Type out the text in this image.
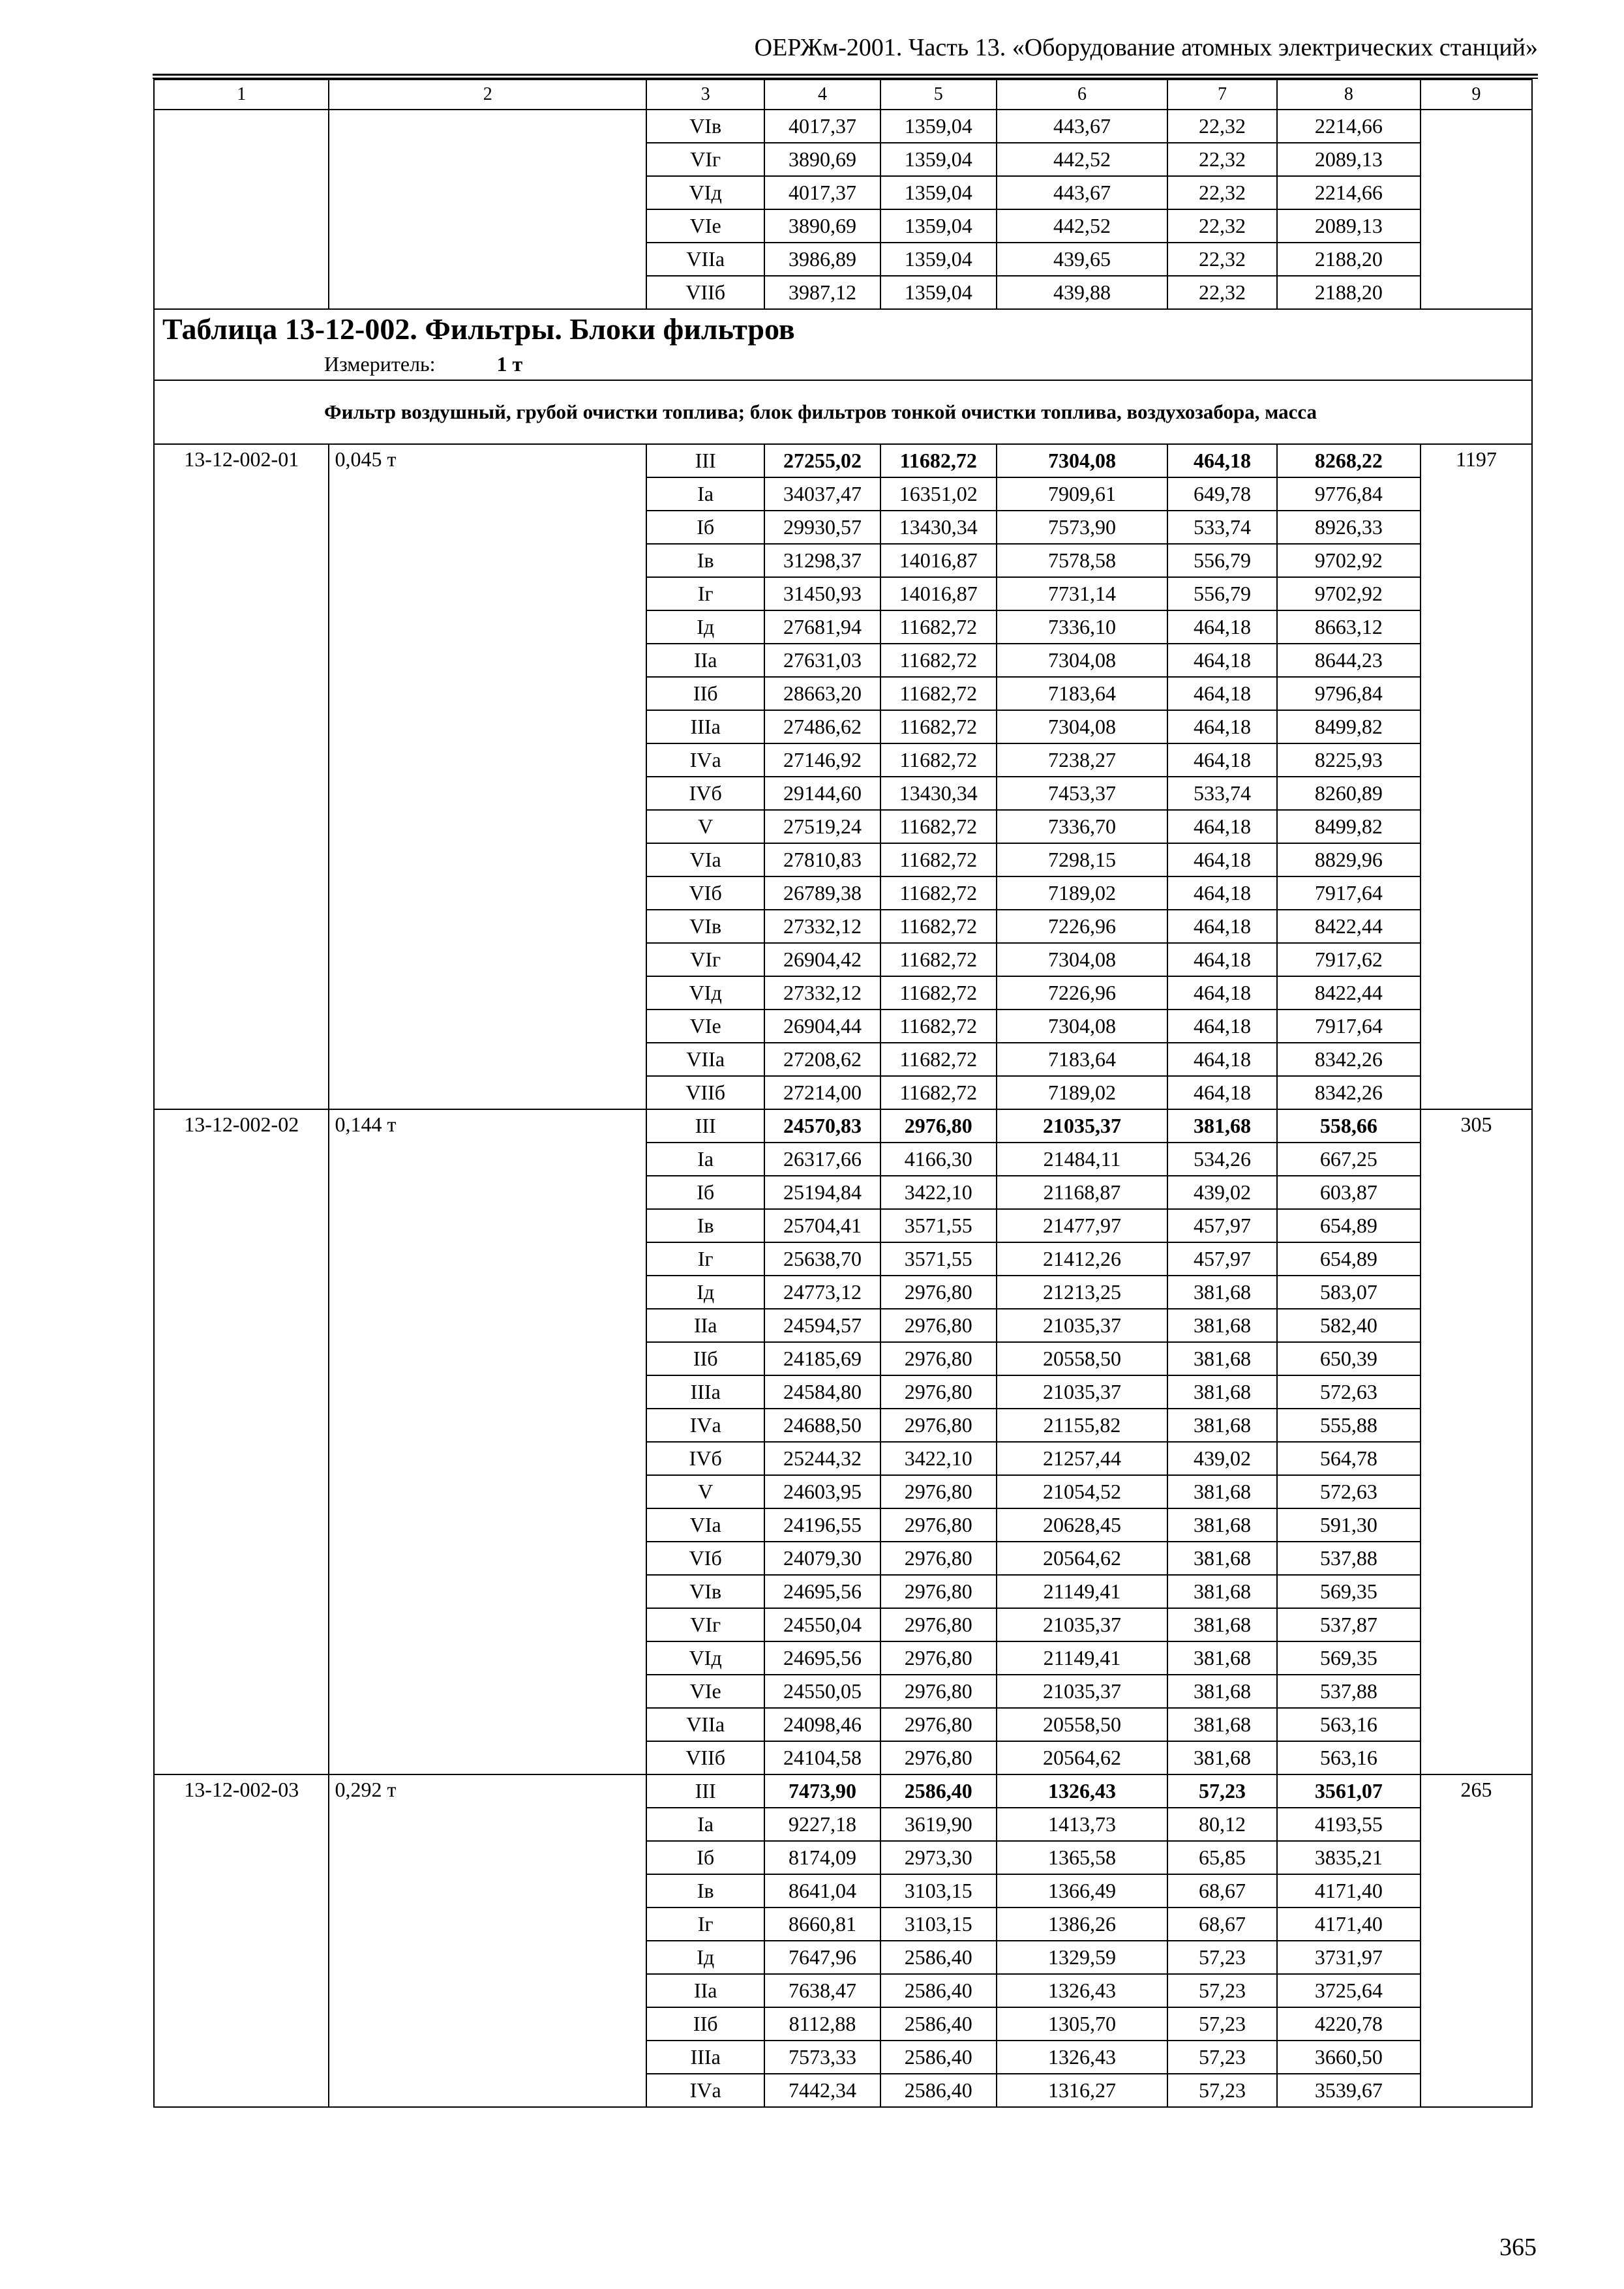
ОЕРЖм-2001. Часть 13. «Оборудование атомных электрических станций»
1	2	3	4	5	6	7	8	9
		VIв	4017,37	1359,04	443,67	22,32	2214,66	
		VIг	3890,69	1359,04	442,52	22,32	2089,13	
		VIд	4017,37	1359,04	443,67	22,32	2214,66	
		VIе	3890,69	1359,04	442,52	22,32	2089,13	
		VIIа	3986,89	1359,04	439,65	22,32	2188,20	
		VIIб	3987,12	1359,04	439,88	22,32	2188,20	
Таблица 13-12-002. Фильтры. Блоки фильтров								
Измеритель: 1 т								
Фильтр воздушный, грубой очистки топлива; блок фильтров тонкой очистки топлива, воздухозабора, масса								
13-12-002-01	0,045 т	III	27255,02	11682,72	7304,08	464,18	8268,22	1197
		Iа	34037,47	16351,02	7909,61	649,78	9776,84	
		Iб	29930,57	13430,34	7573,90	533,74	8926,33	
		Iв	31298,37	14016,87	7578,58	556,79	9702,92	
		Iг	31450,93	14016,87	7731,14	556,79	9702,92	
		Iд	27681,94	11682,72	7336,10	464,18	8663,12	
		IIа	27631,03	11682,72	7304,08	464,18	8644,23	
		IIб	28663,20	11682,72	7183,64	464,18	9796,84	
		IIIа	27486,62	11682,72	7304,08	464,18	8499,82	
		IVа	27146,92	11682,72	7238,27	464,18	8225,93	
		IVб	29144,60	13430,34	7453,37	533,74	8260,89	
		V	27519,24	11682,72	7336,70	464,18	8499,82	
		VIа	27810,83	11682,72	7298,15	464,18	8829,96	
		VIб	26789,38	11682,72	7189,02	464,18	7917,64	
		VIв	27332,12	11682,72	7226,96	464,18	8422,44	
		VIг	26904,42	11682,72	7304,08	464,18	7917,62	
		VIд	27332,12	11682,72	7226,96	464,18	8422,44	
		VIе	26904,44	11682,72	7304,08	464,18	7917,64	
		VIIа	27208,62	11682,72	7183,64	464,18	8342,26	
		VIIб	27214,00	11682,72	7189,02	464,18	8342,26	
13-12-002-02	0,144 т	III	24570,83	2976,80	21035,37	381,68	558,66	305
		Iа	26317,66	4166,30	21484,11	534,26	667,25	
		Iб	25194,84	3422,10	21168,87	439,02	603,87	
		Iв	25704,41	3571,55	21477,97	457,97	654,89	
		Iг	25638,70	3571,55	21412,26	457,97	654,89	
		Iд	24773,12	2976,80	21213,25	381,68	583,07	
		IIа	24594,57	2976,80	21035,37	381,68	582,40	
		IIб	24185,69	2976,80	20558,50	381,68	650,39	
		IIIа	24584,80	2976,80	21035,37	381,68	572,63	
		IVа	24688,50	2976,80	21155,82	381,68	555,88	
		IVб	25244,32	3422,10	21257,44	439,02	564,78	
		V	24603,95	2976,80	21054,52	381,68	572,63	
		VIа	24196,55	2976,80	20628,45	381,68	591,30	
		VIб	24079,30	2976,80	20564,62	381,68	537,88	
		VIв	24695,56	2976,80	21149,41	381,68	569,35	
		VIг	24550,04	2976,80	21035,37	381,68	537,87	
		VIд	24695,56	2976,80	21149,41	381,68	569,35	
		VIе	24550,05	2976,80	21035,37	381,68	537,88	
		VIIа	24098,46	2976,80	20558,50	381,68	563,16	
		VIIб	24104,58	2976,80	20564,62	381,68	563,16	
13-12-002-03	0,292 т	III	7473,90	2586,40	1326,43	57,23	3561,07	265
		Iа	9227,18	3619,90	1413,73	80,12	4193,55	
		Iб	8174,09	2973,30	1365,58	65,85	3835,21	
		Iв	8641,04	3103,15	1366,49	68,67	4171,40	
		Iг	8660,81	3103,15	1386,26	68,67	4171,40	
		Iд	7647,96	2586,40	1329,59	57,23	3731,97	
		IIа	7638,47	2586,40	1326,43	57,23	3725,64	
		IIб	8112,88	2586,40	1305,70	57,23	4220,78	
		IIIа	7573,33	2586,40	1326,43	57,23	3660,50	
		IVа	7442,34	2586,40	1316,27	57,23	3539,67	
365
